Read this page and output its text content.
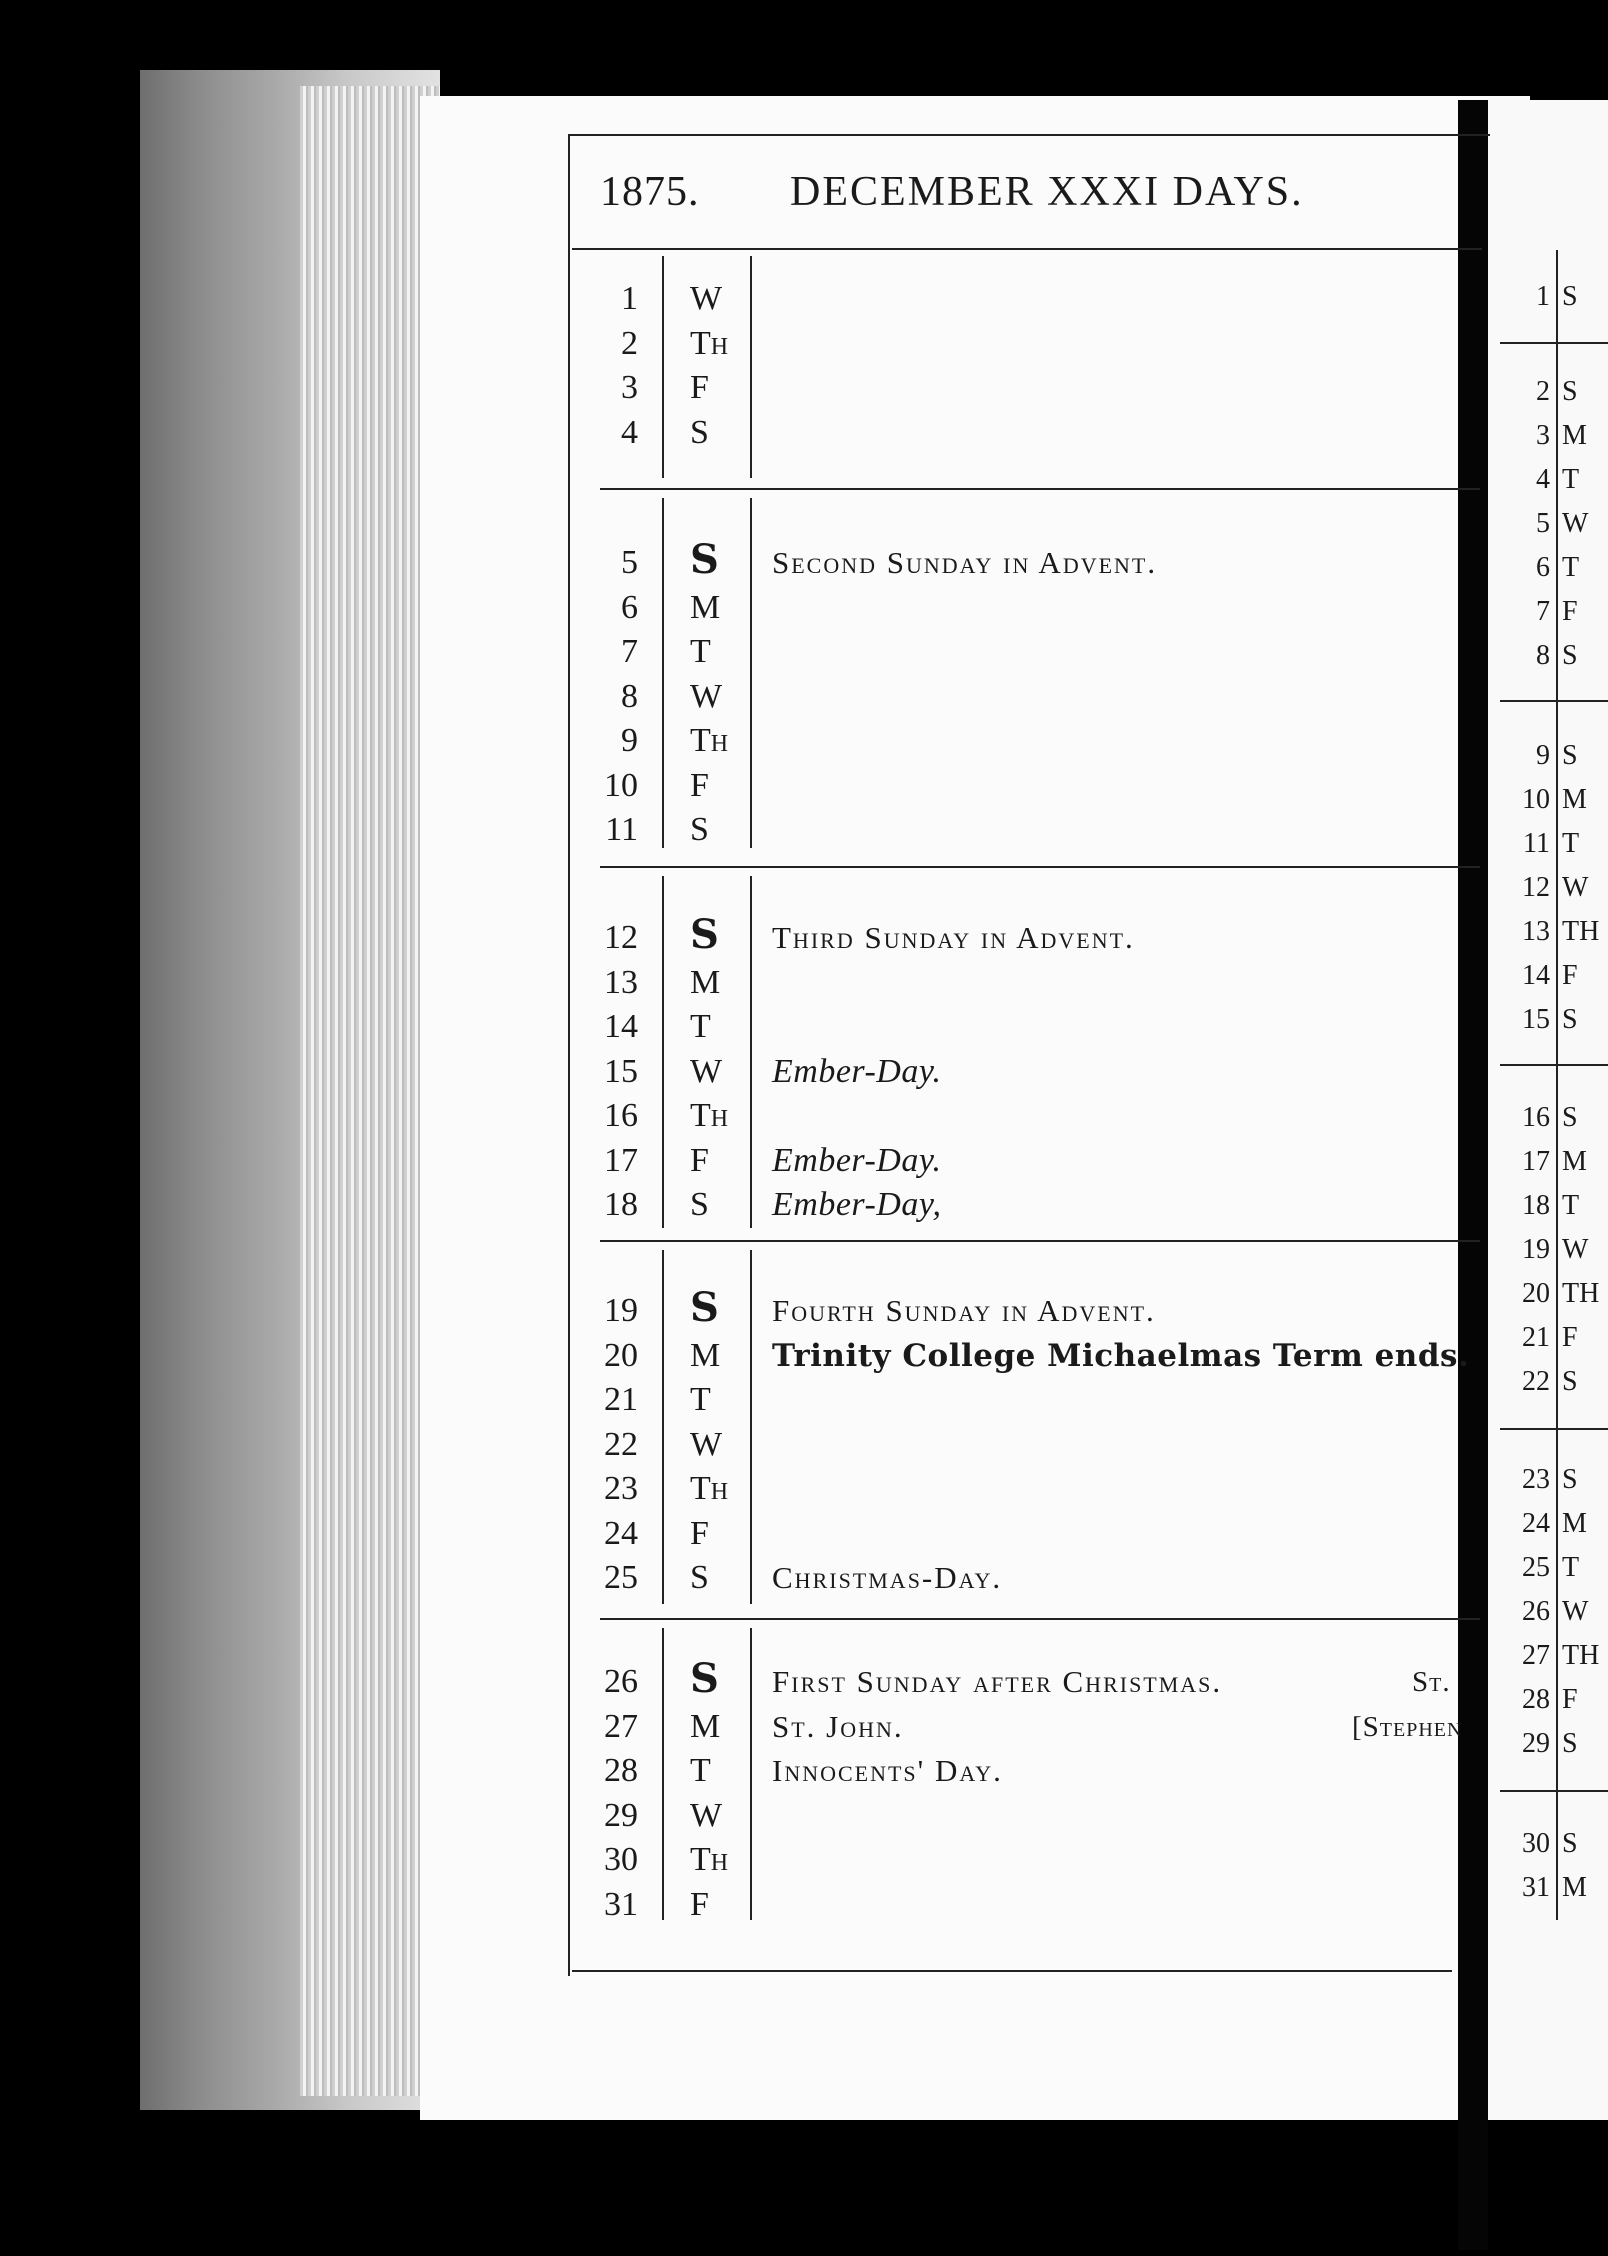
1875. DECEMBER XXXI DAYS.
1 W
2 TH
3 F
4 S
5 S Second Sunday in Advent.
6 M
7 T
8 W
9 TH
10 F
11 S
12 S Third Sunday in Advent.
13 M
14 T
15 W Ember-Day.
16 TH
17 F Ember-Day.
18 S Ember-Day,
19 S Fourth Sunday in Advent.
20 M Trinity College Michaelmas Term ends.
21 T
22 W
23 TH
24 F
25 S Christmas-Day.
26 S First Sunday after Christmas.	St.
27 M St. John.	[Stephen
28 T Innocents' Day.
29 W
30 TH
31 F
1 S
2 S
3 M
4 T
5 W
6 T
7 F
8 S
9 S
10 M
11 T
12 W
13 TH
14 F
15 S
16 S
17 M
18 T
19 W
20 TH
21 F
22 S
23 S
24 M
25 T
26 W
27 TH
28 F
29 S
30 S
31 M
